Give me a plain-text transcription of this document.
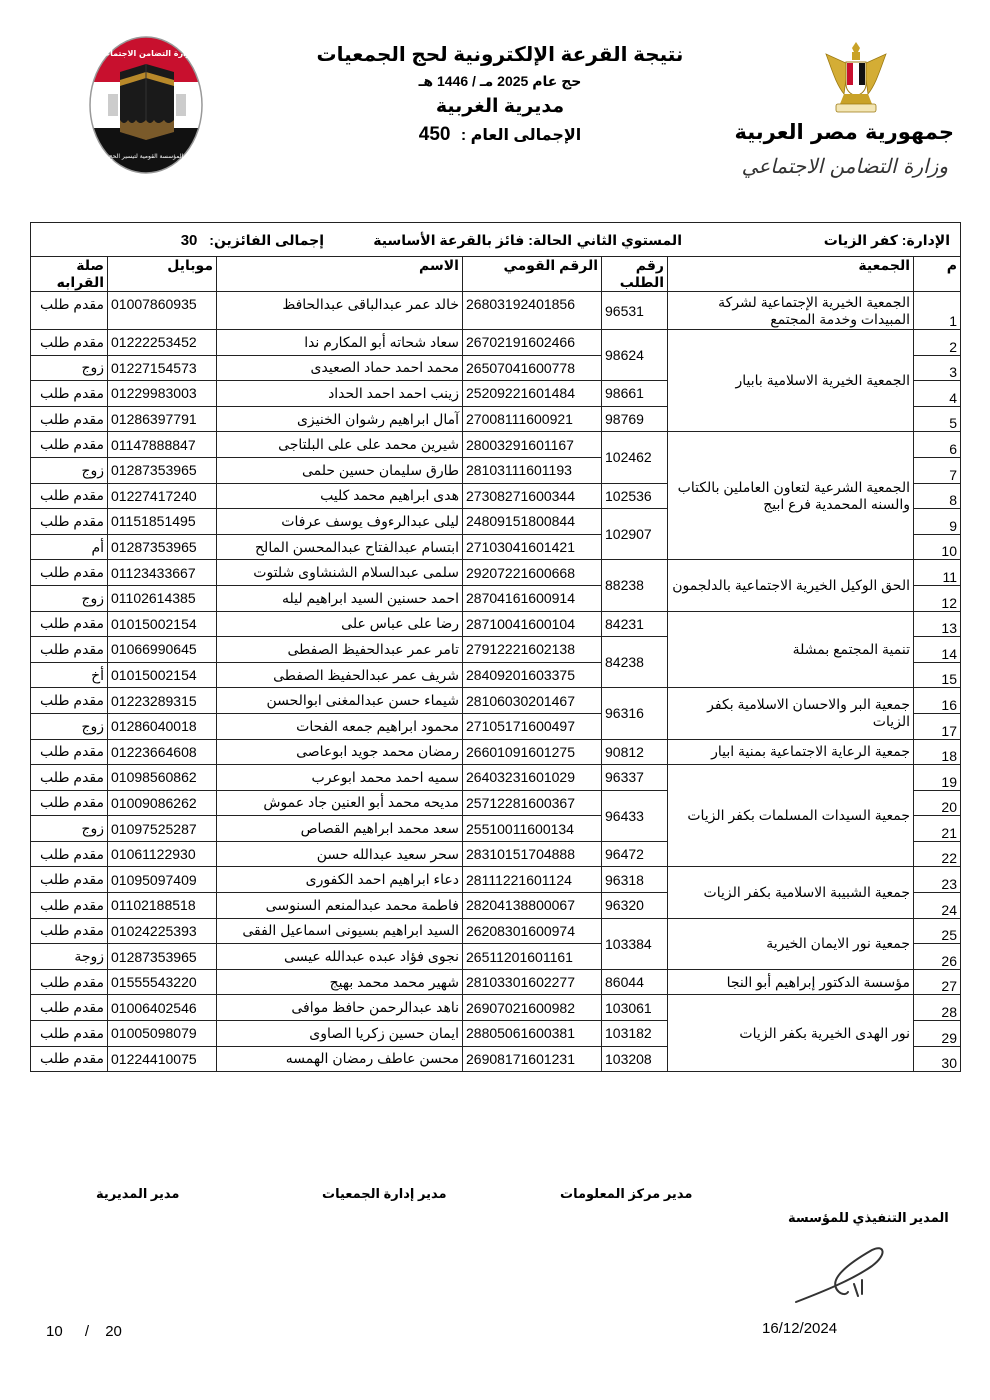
جمهورية مصر العربية
وزارة التضامن الاجتماعي
وزارة التضامن الاجتماعي
المؤسسة القومية لتيسير الحج
نتيجة القرعة الإلكترونية لحج الجمعيات
حج عام 2025 مـ / 1446 هـ
مديرية الغربية
الإجمالى العام : 450
الإدارة: كفر الزيات
المستوي الثاني
الحالة: فائز بالقرعة الأساسية
إجمالى الفائزين: 30						

م	الجمعية	رقم الطلب	الرقم القومي	الاسم	موبايل	صلة القرابه
1	الجمعية الخيرية الإجتماعية لشركة المبيدات وخدمة المجتمع	96531	26803192401856	خالد عمر عبدالباقى عبدالحافظ	01007860935	مقدم طلب
2	الجمعية الخيرية الاسلامية بابيار	98624	26702191602466	سعاد شحاته أبو المكارم ندا	01222253452	مقدم طلب
3			26507041600778	محمد احمد حماد الصعيدى	01227154573	زوج
4		98661	25209221601484	زينب احمد احمد الحداد	01229983003	مقدم طلب
5		98769	27008111600921	آمال ابراهيم رشوان الخنيزى	01286397791	مقدم طلب
6	الجمعية الشرعية لتعاون العاملين بالكتاب والسنه المحمدية فرع ابيج	102462	28003291601167	شيرين محمد على على البلتاجى	01147888847	مقدم طلب
7			28103111601193	طارق سليمان حسين حلمى	01287353965	زوج
8		102536	27308271600344	هدى ابراهيم محمد كليب	01227417240	مقدم طلب
9		102907	24809151800844	ليلى عبدالرءوف يوسف عرفات	01151851495	مقدم طلب
10			27103041601421	ابتسام عبدالفتاح عبدالمحسن المالح	01287353965	أم
11	الحق الوكيل الخيرية الاجتماعية بالدلجمون	88238	29207221600668	سلمى عبدالسلام الشنشاوى شلتوت	01123433667	مقدم طلب
12			28704161600914	احمد حسنين السيد ابراهيم ليله	01102614385	زوج
13	تنمية المجتمع بمشلة	84231	28710041600104	رضا على عباس على	01015002154	مقدم طلب
14		84238	27912221602138	تامر عمر عبدالحفيظ الصفطى	01066990645	مقدم طلب
15			28409201603375	شريف عمر عبدالحفيظ الصفطى	01015002154	أخ
16	جمعية البر والاحسان الاسلامية بكفر الزيات	96316	28106030201467	شيماء حسن عبدالمغنى ابوالحسن	01223289315	مقدم طلب
17			27105171600497	محمود ابراهيم جمعه الفحات	01286040018	زوج
18	جمعية الرعاية الاجتماعية بمنية ابيار	90812	26601091601275	رمضان محمد جويد ابوعاصى	01223664608	مقدم طلب
19	جمعية السيدات المسلمات بكفر الزيات	96337	26403231601029	سميه احمد محمد ابوعرب	01098560862	مقدم طلب
20		96433	25712281600367	مديحه محمد أبو العنين جاد عموش	01009086262	مقدم طلب
21			25510011600134	سعد محمد ابراهيم القصاص	01097525287	زوج
22		96472	28310151704888	سحر سعيد عبدالله حسن	01061122930	مقدم طلب
23	جمعية الشبيبة الاسلامية بكفر الزيات	96318	28111221601124	دعاء ابراهيم احمد الكفورى	01095097409	مقدم طلب
24		96320	28204138800067	فاطمة محمد عبدالمنعم السنوسى	01102188518	مقدم طلب
25	جمعية نور الايمان الخيرية	103384	26208301600974	السيد ابراهيم بسيونى اسماعيل الفقى	01024225393	مقدم طلب
26			26511201601161	نجوى فؤاد عبده عبدالله عيسى	01287353965	زوجة
27	مؤسسة الدكتور إبراهيم أبو النجا	86044	28103301602277	شهير محمد محمد بهيج	01555543220	مقدم طلب
28	نور الهدى الخيرية بكفر الزيات	103061	26907021600982	ناهد عبدالرحمن حافظ موافى	01006402546	مقدم طلب
29		103182	28805061600381	ايمان حسين زكريا الصاوى	01005098079	مقدم طلب
30		103208	26908171601231	محسن عاطف رمضان الهمسه	01224410075	مقدم طلب
مدير المديرية	مدير إدارة الجمعيات	مدير مركز المعلومات
المدير التنفيذي للمؤسسة
16/12/2024
10 / 20
